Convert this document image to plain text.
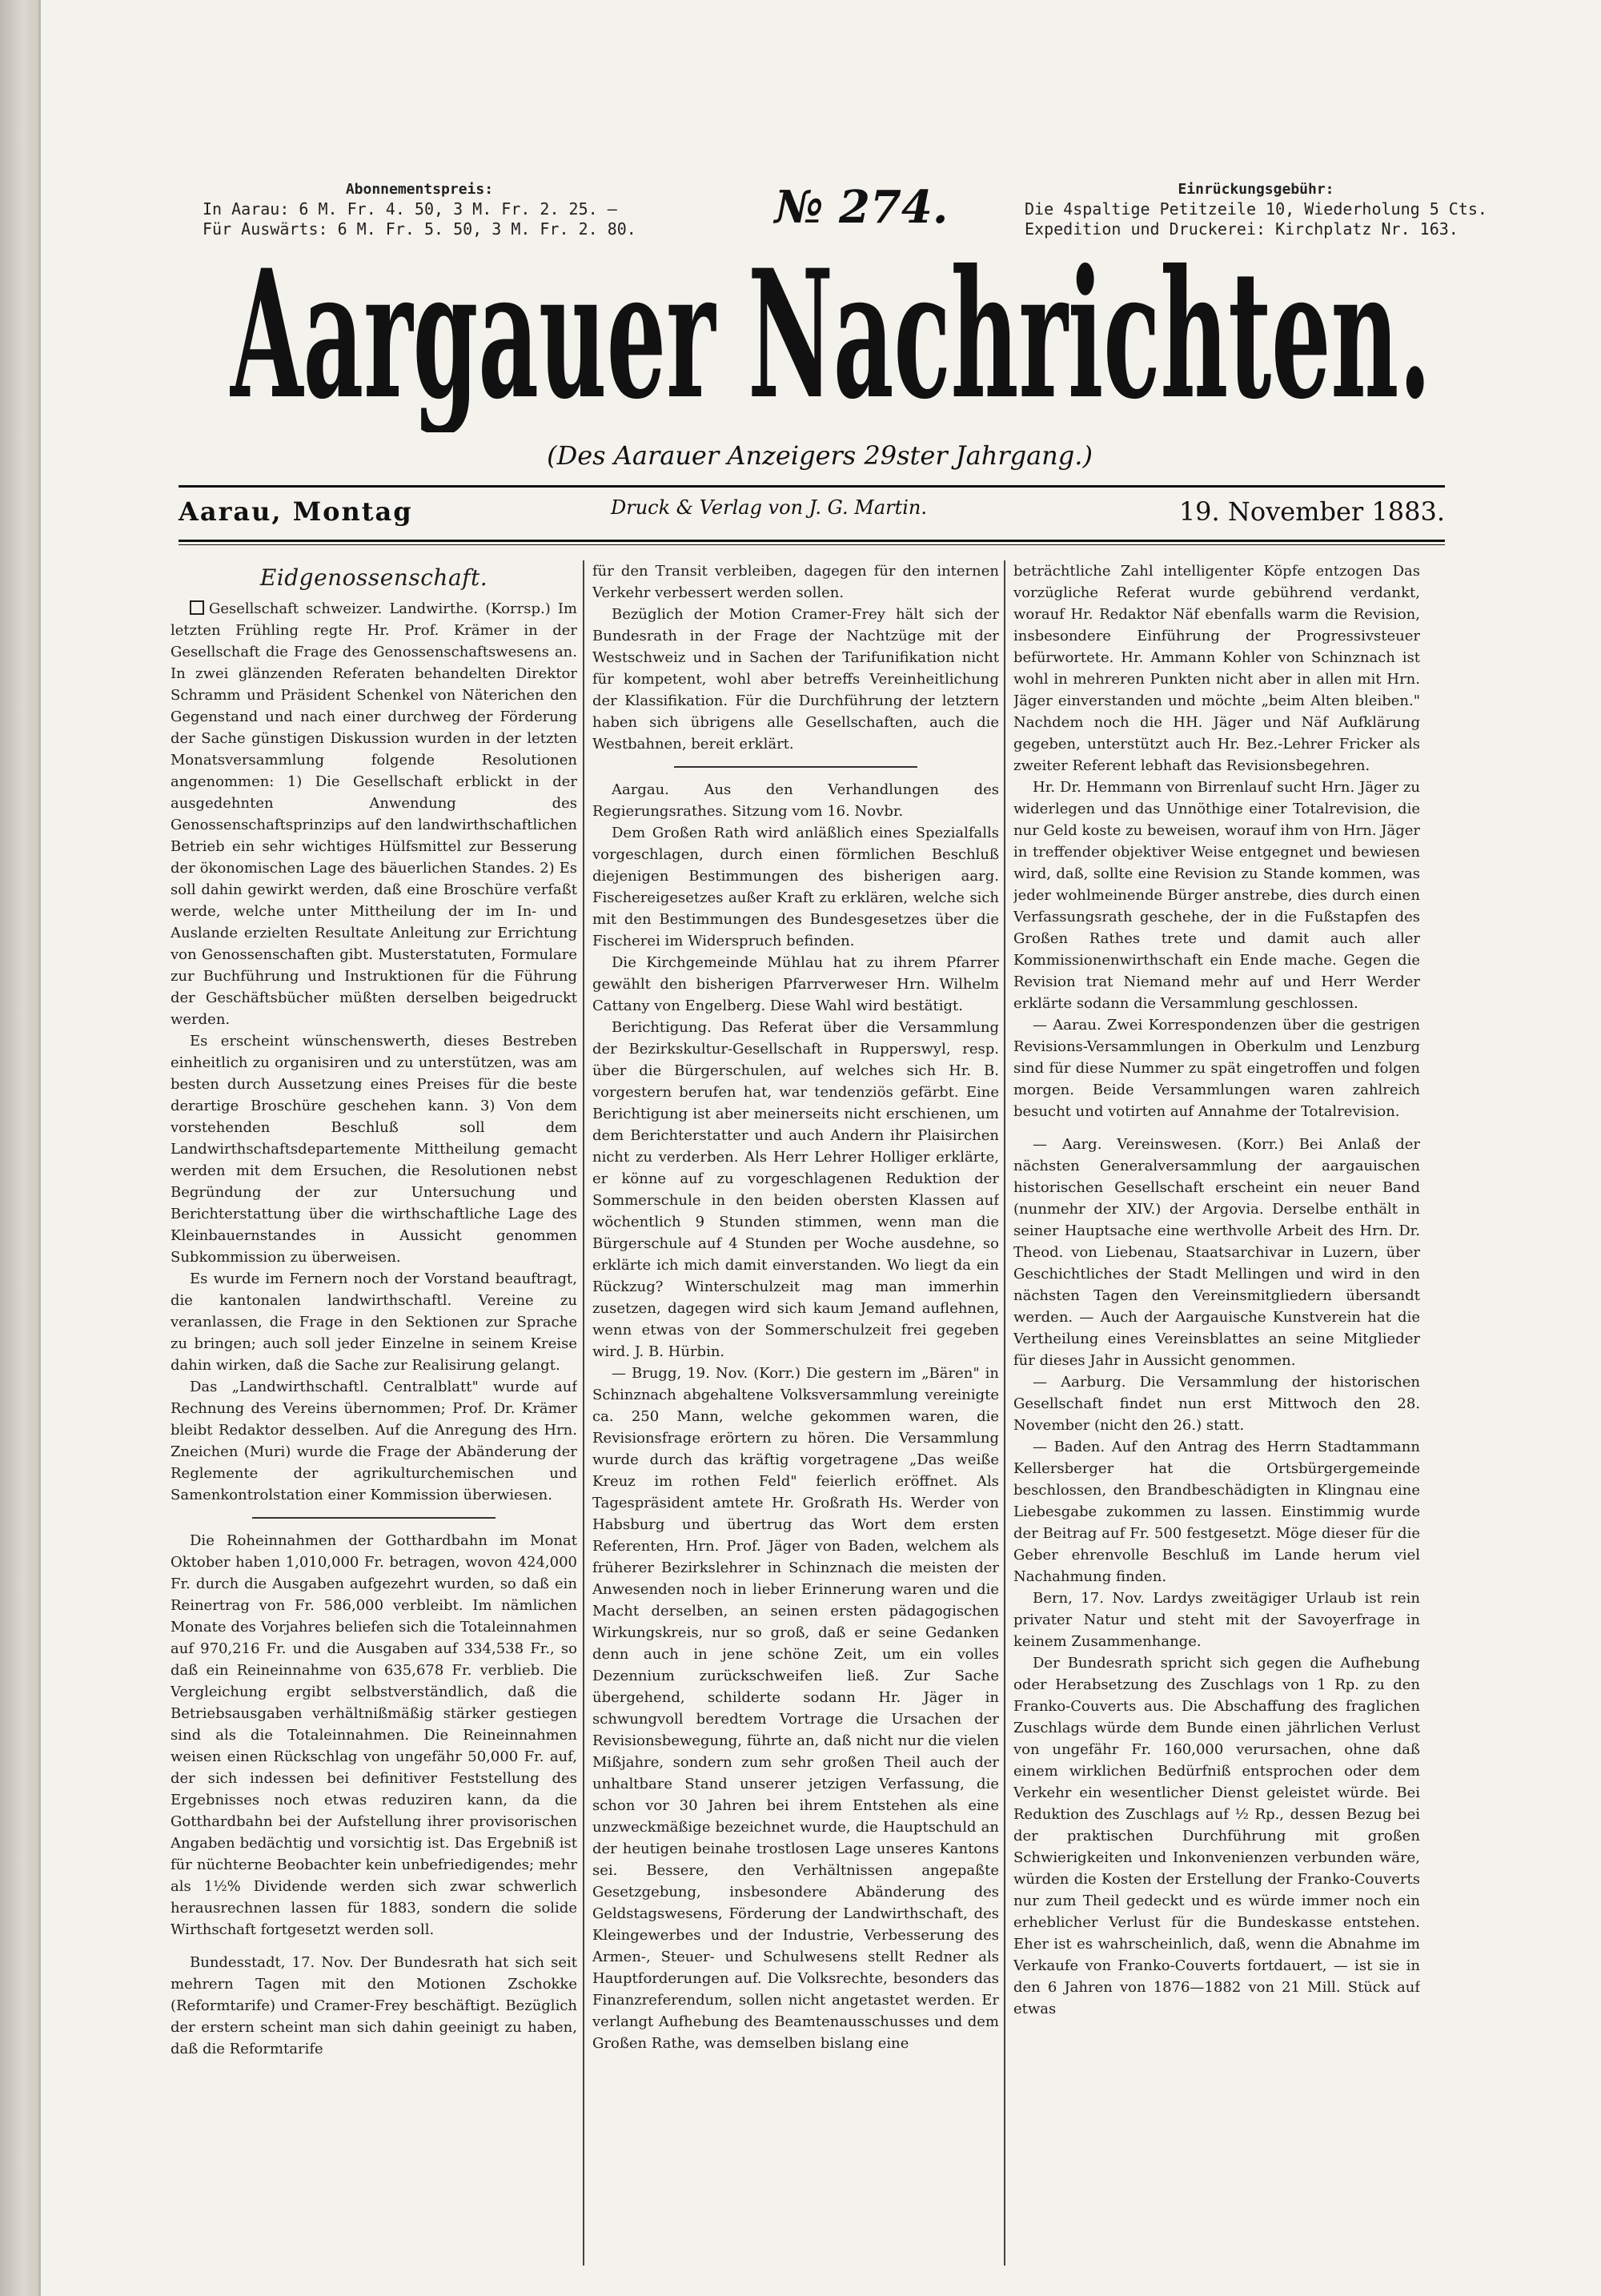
Abonnementspreis:
In Aarau: 6 M. Fr. 4. 50, 3 M. Fr. 2. 25. —
Für Auswärts: 6 M. Fr. 5. 50, 3 M. Fr. 2. 80.	№ 274.	Einrückungsgebühr:
Die 4spaltige Petitzeile 10, Wiederholung 5 Cts.
Expedition und Druckerei: Kirchplatz Nr. 163.
Aargauer Nachrichten.
(Des Aarauer Anzeigers 29ster Jahrgang.)
Aarau, Montag	Druck & Verlag von J. G. Martin.	19. November 1883.
Eidgenossenschaft.

Gesellschaft schweizer. Landwirthe. (Korrsp.) Im letzten Frühling regte Hr. Prof. Krämer in der Gesellschaft die Frage des Genossenschaftswesens an. In zwei glänzenden Referaten behandelten Direktor Schramm und Präsident Schenkel von Näterichen den Gegenstand und nach einer durchweg der Förderung der Sache günstigen Diskussion wurden in der letzten Monatsversammlung folgende Resolutionen angenommen: 1) Die Gesellschaft erblickt in der ausgedehnten Anwendung des Genossenschaftsprinzips auf den landwirthschaftlichen Betrieb ein sehr wichtiges Hülfsmittel zur Besserung der ökonomischen Lage des bäuerlichen Standes. 2) Es soll dahin gewirkt werden, daß eine Broschüre verfaßt werde, welche unter Mittheilung der im In- und Auslande erzielten Resultate Anleitung zur Errichtung von Genossenschaften gibt. Musterstatuten, Formulare zur Buchführung und Instruktionen für die Führung der Geschäftsbücher müßten derselben beigedruckt werden.

Es erscheint wünschenswerth, dieses Bestreben einheitlich zu organisiren und zu unterstützen, was am besten durch Aussetzung eines Preises für die beste derartige Broschüre geschehen kann. 3) Von dem vorstehenden Beschluß soll dem Landwirthschaftsdepartemente Mittheilung gemacht werden mit dem Ersuchen, die Resolutionen nebst Begründung der zur Untersuchung und Berichterstattung über die wirthschaftliche Lage des Kleinbauernstandes in Aussicht genommen Subkommission zu überweisen.

Es wurde im Fernern noch der Vorstand beauftragt, die kantonalen landwirthschaftl. Vereine zu veranlassen, die Frage in den Sektionen zur Sprache zu bringen; auch soll jeder Einzelne in seinem Kreise dahin wirken, daß die Sache zur Realisirung gelangt.

Das „Landwirthschaftl. Centralblatt" wurde auf Rechnung des Vereins übernommen; Prof. Dr. Krämer bleibt Redaktor desselben. Auf die Anregung des Hrn. Zneichen (Muri) wurde die Frage der Abänderung der Reglemente der agrikulturchemischen und Samenkontrolstation einer Kommission überwiesen.

Die Roheinnahmen der Gotthardbahn im Monat Oktober haben 1,010,000 Fr. betragen, wovon 424,000 Fr. durch die Ausgaben aufgezehrt wurden, so daß ein Reinertrag von Fr. 586,000 verbleibt. Im nämlichen Monate des Vorjahres beliefen sich die Totaleinnahmen auf 970,216 Fr. und die Ausgaben auf 334,538 Fr., so daß ein Reineinnahme von 635,678 Fr. verblieb. Die Vergleichung ergibt selbstverständlich, daß die Betriebsausgaben verhältnißmäßig stärker gestiegen sind als die Totaleinnahmen. Die Reineinnahmen weisen einen Rückschlag von ungefähr 50,000 Fr. auf, der sich indessen bei definitiver Feststellung des Ergebnisses noch etwas reduziren kann, da die Gotthardbahn bei der Aufstellung ihrer provisorischen Angaben bedächtig und vorsichtig ist. Das Ergebniß ist für nüchterne Beobachter kein unbefriedigendes; mehr als 1½% Dividende werden sich zwar schwerlich herausrechnen lassen für 1883, sondern die solide Wirthschaft fortgesetzt werden soll.

Bundesstadt, 17. Nov. Der Bundesrath hat sich seit mehrern Tagen mit den Motionen Zschokke (Reformtarife) und Cramer-Frey beschäftigt. Bezüglich der erstern scheint man sich dahin geeinigt zu haben, daß die Reformtarife

für den Transit verbleiben, dagegen für den internen Verkehr verbessert werden sollen.

Bezüglich der Motion Cramer-Frey hält sich der Bundesrath in der Frage der Nachtzüge mit der Westschweiz und in Sachen der Tarifunifikation nicht für kompetent, wohl aber betreffs Vereinheitlichung der Klassifikation. Für die Durchführung der letztern haben sich übrigens alle Gesellschaften, auch die Westbahnen, bereit erklärt.

Aargau. Aus den Verhandlungen des Regierungsrathes. Sitzung vom 16. Novbr.

Dem Großen Rath wird anläßlich eines Spezialfalls vorgeschlagen, durch einen förmlichen Beschluß diejenigen Bestimmungen des bisherigen aarg. Fischereigesetzes außer Kraft zu erklären, welche sich mit den Bestimmungen des Bundesgesetzes über die Fischerei im Widerspruch befinden.

Die Kirchgemeinde Mühlau hat zu ihrem Pfarrer gewählt den bisherigen Pfarrverweser Hrn. Wilhelm Cattany von Engelberg. Diese Wahl wird bestätigt.

Berichtigung. Das Referat über die Versammlung der Bezirkskultur-Gesellschaft in Rupperswyl, resp. über die Bürgerschulen, auf welches sich Hr. B. vorgestern berufen hat, war tendenziös gefärbt. Eine Berichtigung ist aber meinerseits nicht erschienen, um dem Berichterstatter und auch Andern ihr Plaisirchen nicht zu verderben. Als Herr Lehrer Holliger erklärte, er könne auf zu vorgeschlagenen Reduktion der Sommerschule in den beiden obersten Klassen auf wöchentlich 9 Stunden stimmen, wenn man die Bürgerschule auf 4 Stunden per Woche ausdehne, so erklärte ich mich damit einverstanden. Wo liegt da ein Rückzug? Winterschulzeit mag man immerhin zusetzen, dagegen wird sich kaum Jemand auflehnen, wenn etwas von der Sommerschulzeit frei gegeben wird. J. B. Hürbin.

— Brugg, 19. Nov. (Korr.) Die gestern im „Bären" in Schinznach abgehaltene Volksversammlung vereinigte ca. 250 Mann, welche gekommen waren, die Revisionsfrage erörtern zu hören. Die Versammlung wurde durch das kräftig vorgetragene „Das weiße Kreuz im rothen Feld" feierlich eröffnet. Als Tagespräsident amtete Hr. Großrath Hs. Werder von Habsburg und übertrug das Wort dem ersten Referenten, Hrn. Prof. Jäger von Baden, welchem als früherer Bezirkslehrer in Schinznach die meisten der Anwesenden noch in lieber Erinnerung waren und die Macht derselben, an seinen ersten pädagogischen Wirkungskreis, nur so groß, daß er seine Gedanken denn auch in jene schöne Zeit, um ein volles Dezennium zurückschweifen ließ. Zur Sache übergehend, schilderte sodann Hr. Jäger in schwungvoll beredtem Vortrage die Ursachen der Revisionsbewegung, führte an, daß nicht nur die vielen Mißjahre, sondern zum sehr großen Theil auch der unhaltbare Stand unserer jetzigen Verfassung, die schon vor 30 Jahren bei ihrem Entstehen als eine unzweckmäßige bezeichnet wurde, die Hauptschuld an der heutigen beinahe trostlosen Lage unseres Kantons sei. Bessere, den Verhältnissen angepaßte Gesetzgebung, insbesondere Abänderung des Geldstagswesens, Förderung der Landwirthschaft, des Kleingewerbes und der Industrie, Verbesserung des Armen-, Steuer- und Schulwesens stellt Redner als Hauptforderungen auf. Die Volksrechte, besonders das Finanzreferendum, sollen nicht angetastet werden. Er verlangt Aufhebung des Beamtenausschusses und dem Großen Rathe, was demselben bislang eine

beträchtliche Zahl intelligenter Köpfe entzogen Das vorzügliche Referat wurde gebührend verdankt, worauf Hr. Redaktor Näf ebenfalls warm die Revision, insbesondere Einführung der Progressivsteuer befürwortete. Hr. Ammann Kohler von Schinznach ist wohl in mehreren Punkten nicht aber in allen mit Hrn. Jäger einverstanden und möchte „beim Alten bleiben." Nachdem noch die HH. Jäger und Näf Aufklärung gegeben, unterstützt auch Hr. Bez.-Lehrer Fricker als zweiter Referent lebhaft das Revisionsbegehren.

Hr. Dr. Hemmann von Birrenlauf sucht Hrn. Jäger zu widerlegen und das Unnöthige einer Totalrevision, die nur Geld koste zu beweisen, worauf ihm von Hrn. Jäger in treffender objektiver Weise entgegnet und bewiesen wird, daß, sollte eine Revision zu Stande kommen, was jeder wohlmeinende Bürger anstrebe, dies durch einen Verfassungsrath geschehe, der in die Fußstapfen des Großen Rathes trete und damit auch aller Kommissionenwirthschaft ein Ende mache. Gegen die Revision trat Niemand mehr auf und Herr Werder erklärte sodann die Versammlung geschlossen.

— Aarau. Zwei Korrespondenzen über die gestrigen Revisions-Versammlungen in Oberkulm und Lenzburg sind für diese Nummer zu spät eingetroffen und folgen morgen. Beide Versammlungen waren zahlreich besucht und votirten auf Annahme der Totalrevision.

— Aarg. Vereinswesen. (Korr.) Bei Anlaß der nächsten Generalversammlung der aargauischen historischen Gesellschaft erscheint ein neuer Band (nunmehr der XIV.) der Argovia. Derselbe enthält in seiner Hauptsache eine werthvolle Arbeit des Hrn. Dr. Theod. von Liebenau, Staatsarchivar in Luzern, über Geschichtliches der Stadt Mellingen und wird in den nächsten Tagen den Vereinsmitgliedern übersandt werden. — Auch der Aargauische Kunstverein hat die Vertheilung eines Vereinsblattes an seine Mitglieder für dieses Jahr in Aussicht genommen.

— Aarburg. Die Versammlung der historischen Gesellschaft findet nun erst Mittwoch den 28. November (nicht den 26.) statt.

— Baden. Auf den Antrag des Herrn Stadtammann Kellersberger hat die Ortsbürgergemeinde beschlossen, den Brandbeschädigten in Klingnau eine Liebesgabe zukommen zu lassen. Einstimmig wurde der Beitrag auf Fr. 500 festgesetzt. Möge dieser für die Geber ehrenvolle Beschluß im Lande herum viel Nachahmung finden.

Bern, 17. Nov. Lardys zweitägiger Urlaub ist rein privater Natur und steht mit der Savoyerfrage in keinem Zusammenhange.

Der Bundesrath spricht sich gegen die Aufhebung oder Herabsetzung des Zuschlags von 1 Rp. zu den Franko-Couverts aus. Die Abschaffung des fraglichen Zuschlags würde dem Bunde einen jährlichen Verlust von ungefähr Fr. 160,000 verursachen, ohne daß einem wirklichen Bedürfniß entsprochen oder dem Verkehr ein wesentlicher Dienst geleistet würde. Bei Reduktion des Zuschlags auf ½ Rp., dessen Bezug bei der praktischen Durchführung mit großen Schwierigkeiten und Inkonvenienzen verbunden wäre, würden die Kosten der Erstellung der Franko-Couverts nur zum Theil gedeckt und es würde immer noch ein erheblicher Verlust für die Bundeskasse entstehen. Eher ist es wahrscheinlich, daß, wenn die Abnahme im Verkaufe von Franko-Couverts fortdauert, — ist sie in den 6 Jahren von 1876—1882 von 21 Mill. Stück auf etwas
